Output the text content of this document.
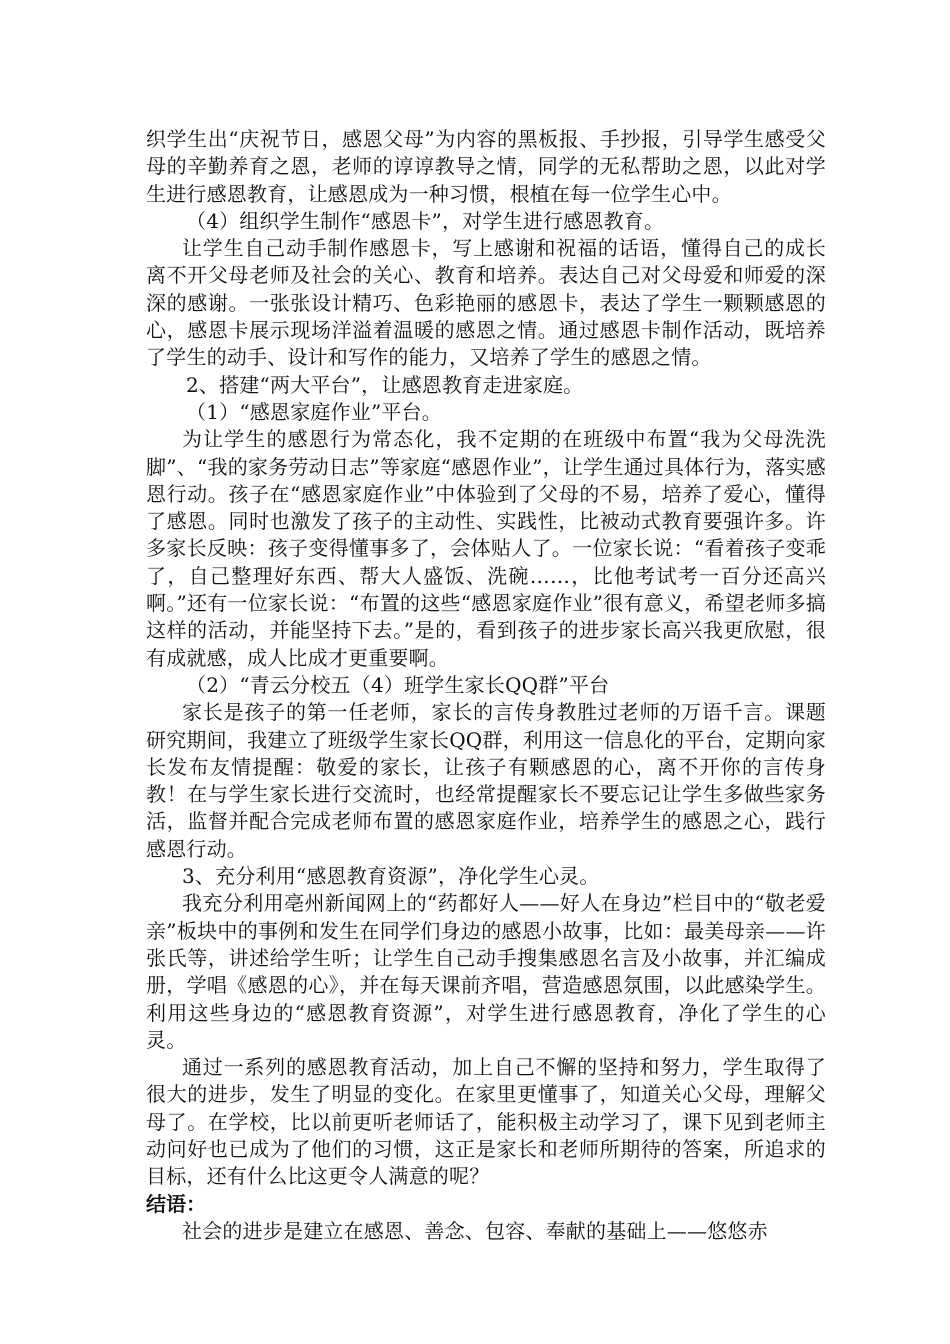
织学生出“庆祝节日，感恩父母”为内容的黑板报、手抄报，引导学生感受父母的辛勤养育之恩，老师的谆谆教导之情，同学的无私帮助之恩，以此对学生进行感恩教育，让感恩成为一种习惯，根植在每一位学生心中。

（4）组织学生制作“感恩卡”，对学生进行感恩教育。

让学生自己动手制作感恩卡，写上感谢和祝福的话语，懂得自己的成长离不开父母老师及社会的关心、教育和培养。表达自己对父母爱和师爱的深深的感谢。一张张设计精巧、色彩艳丽的感恩卡，表达了学生一颗颗感恩的心，感恩卡展示现场洋溢着温暖的感恩之情。通过感恩卡制作活动，既培养了学生的动手、设计和写作的能力，又培养了学生的感恩之情。

2、搭建“两大平台”，让感恩教育走进家庭。

（1）“感恩家庭作业”平台。

为让学生的感恩行为常态化，我不定期的在班级中布置“我为父母洗洗脚”、“我的家务劳动日志”等家庭“感恩作业”，让学生通过具体行为，落实感恩行动。孩子在“感恩家庭作业”中体验到了父母的不易，培养了爱心，懂得了感恩。同时也激发了孩子的主动性、实践性，比被动式教育要强许多。许多家长反映：孩子变得懂事多了，会体贴人了。一位家长说：“看着孩子变乖了，自己整理好东西、帮大人盛饭、洗碗……，比他考试考一百分还高兴啊。”还有一位家长说：“布置的这些“感恩家庭作业”很有意义，希望老师多搞这样的活动，并能坚持下去。”是的，看到孩子的进步家长高兴我更欣慰，很有成就感，成人比成才更重要啊。

（2）“青云分校五（4）班学生家长QQ群”平台

家长是孩子的第一任老师，家长的言传身教胜过老师的万语千言。课题研究期间，我建立了班级学生家长QQ群，利用这一信息化的平台，定期向家长发布友情提醒：敬爱的家长，让孩子有颗感恩的心，离不开你的言传身教！在与学生家长进行交流时，也经常提醒家长不要忘记让学生多做些家务活，监督并配合完成老师布置的感恩家庭作业，培养学生的感恩之心，践行感恩行动。

3、充分利用“感恩教育资源”，净化学生心灵。

我充分利用亳州新闻网上的“药都好人——好人在身边”栏目中的“敬老爱亲”板块中的事例和发生在同学们身边的感恩小故事，比如：最美母亲——许张氏等，讲述给学生听；让学生自己动手搜集感恩名言及小故事，并汇编成册，学唱《感恩的心》，并在每天课前齐唱，营造感恩氛围，以此感染学生。利用这些身边的“感恩教育资源”，对学生进行感恩教育，净化了学生的心灵。

通过一系列的感恩教育活动，加上自己不懈的坚持和努力，学生取得了很大的进步，发生了明显的变化。在家里更懂事了，知道关心父母，理解父母了。在学校，比以前更听老师话了，能积极主动学习了，课下见到老师主动问好也已成为了他们的习惯，这正是家长和老师所期待的答案，所追求的目标，还有什么比这更令人满意的呢？

结语：

社会的进步是建立在感恩、善念、包容、奉献的基础上——悠悠赤
